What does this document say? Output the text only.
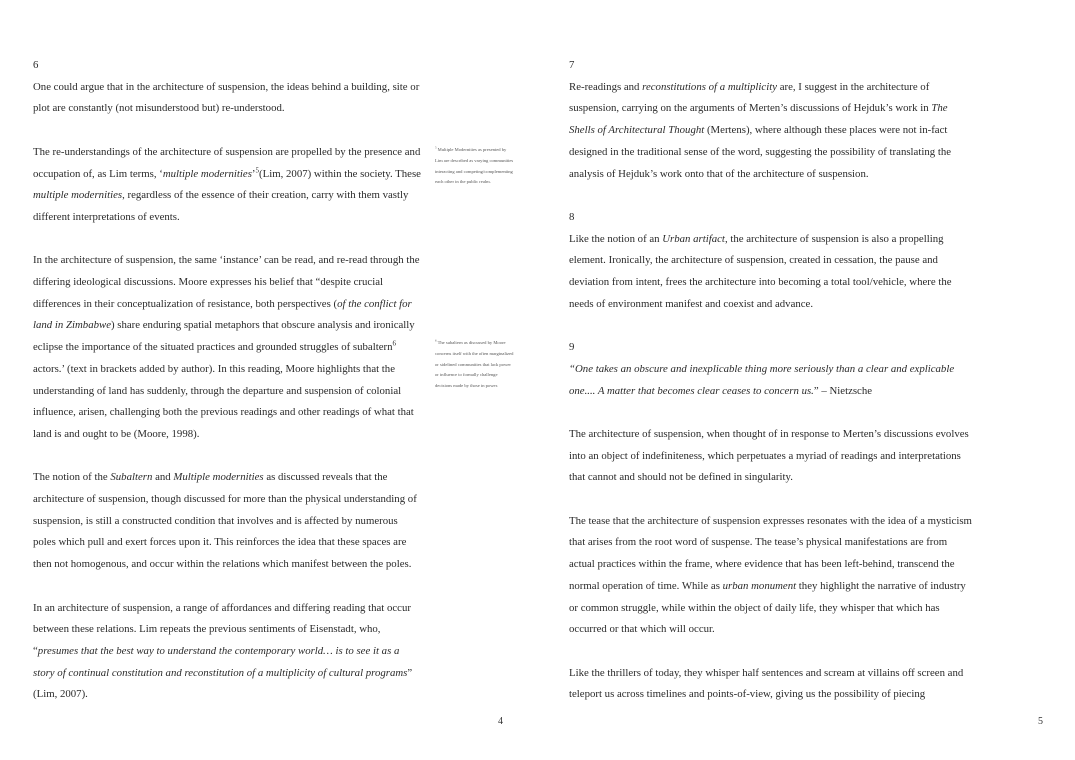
6
One could argue that in the architecture of suspension, the ideas behind a building, site or plot are constantly (not misunderstood but) re-understood.
The re-understandings of the architecture of suspension are propelled by the presence and occupation of, as Lim terms, ‘multiple modernities’$^5$(Lim, 2007) within the society. These multiple modernities, regardless of the essence of their creation, carry with them vastly different interpretations of events.
In the architecture of suspension, the same ‘instance’ can be read, and re-read through the differing ideological discussions. Moore expresses his belief that “despite crucial differences in their conceptualization of resistance, both perspectives (of the conflict for land in Zimbabwe) share enduring spatial metaphors that obscure analysis and ironically eclipse the importance of the situated practices and grounded struggles of subaltern$^6$ actors.’ (text in brackets added by author). In this reading, Moore highlights that the understanding of land has suddenly, through the departure and suspension of colonial influence, arisen, challenging both the previous readings and other readings of what that land is and ought to be (Moore, 1998).
The notion of the Subaltern and Multiple modernities as discussed reveals that the architecture of suspension, though discussed for more than the physical understanding of suspension, is still a constructed condition that involves and is affected by numerous poles which pull and exert forces upon it. This reinforces the idea that these spaces are then not homogenous, and occur within the relations which manifest between the poles.
In an architecture of suspension, a range of affordances and differing reading that occur between these relations. Lim repeats the previous sentiments of Eisenstadt, who, “presumes that the best way to understand the contemporary world… is to see it as a story of continual constitution and reconstitution of a multiplicity of cultural programs” (Lim, 2007).
$^5$ Multiple Modernities as presented by Lim are described as varying communities interacting and competing/complementing each other in the public realm.
$^6$ The subaltern as discussed by Moore concerns itself with the often marginalized or sidelined communities that lack power or influence to formally challenge decisions made by those in power.
4
7
Re-readings and reconstitutions of a multiplicity are, I suggest in the architecture of suspension, carrying on the arguments of Merten’s discussions of Hejduk’s work in The Shells of Architectural Thought (Mertens), where although these places were not in-fact designed in the traditional sense of the word, suggesting the possibility of translating the analysis of Hejduk’s work onto that of the architecture of suspension.
8
Like the notion of an Urban artifact, the architecture of suspension is also a propelling element. Ironically, the architecture of suspension, created in cessation, the pause and deviation from intent, frees the architecture into becoming a total tool/vehicle, where the needs of environment manifest and coexist and advance.
9
“One takes an obscure and inexplicable thing more seriously than a clear and explicable one.... A matter that becomes clear ceases to concern us.” – Nietzsche
The architecture of suspension, when thought of in response to Merten’s discussions evolves into an object of indefiniteness, which perpetuates a myriad of readings and interpretations that cannot and should not be defined in singularity.
The tease that the architecture of suspension expresses resonates with the idea of a mysticism that arises from the root word of suspense. The tease’s physical manifestations are from actual practices within the frame, where evidence that has been left-behind, transcend the normal operation of time. While as urban monument they highlight the narrative of industry or common struggle, while within the object of daily life, they whisper that which has occurred or that which will occur.
Like the thrillers of today, they whisper half sentences and scream at villains off screen and teleport us across timelines and points-of-view, giving us the possibility of piecing
5
